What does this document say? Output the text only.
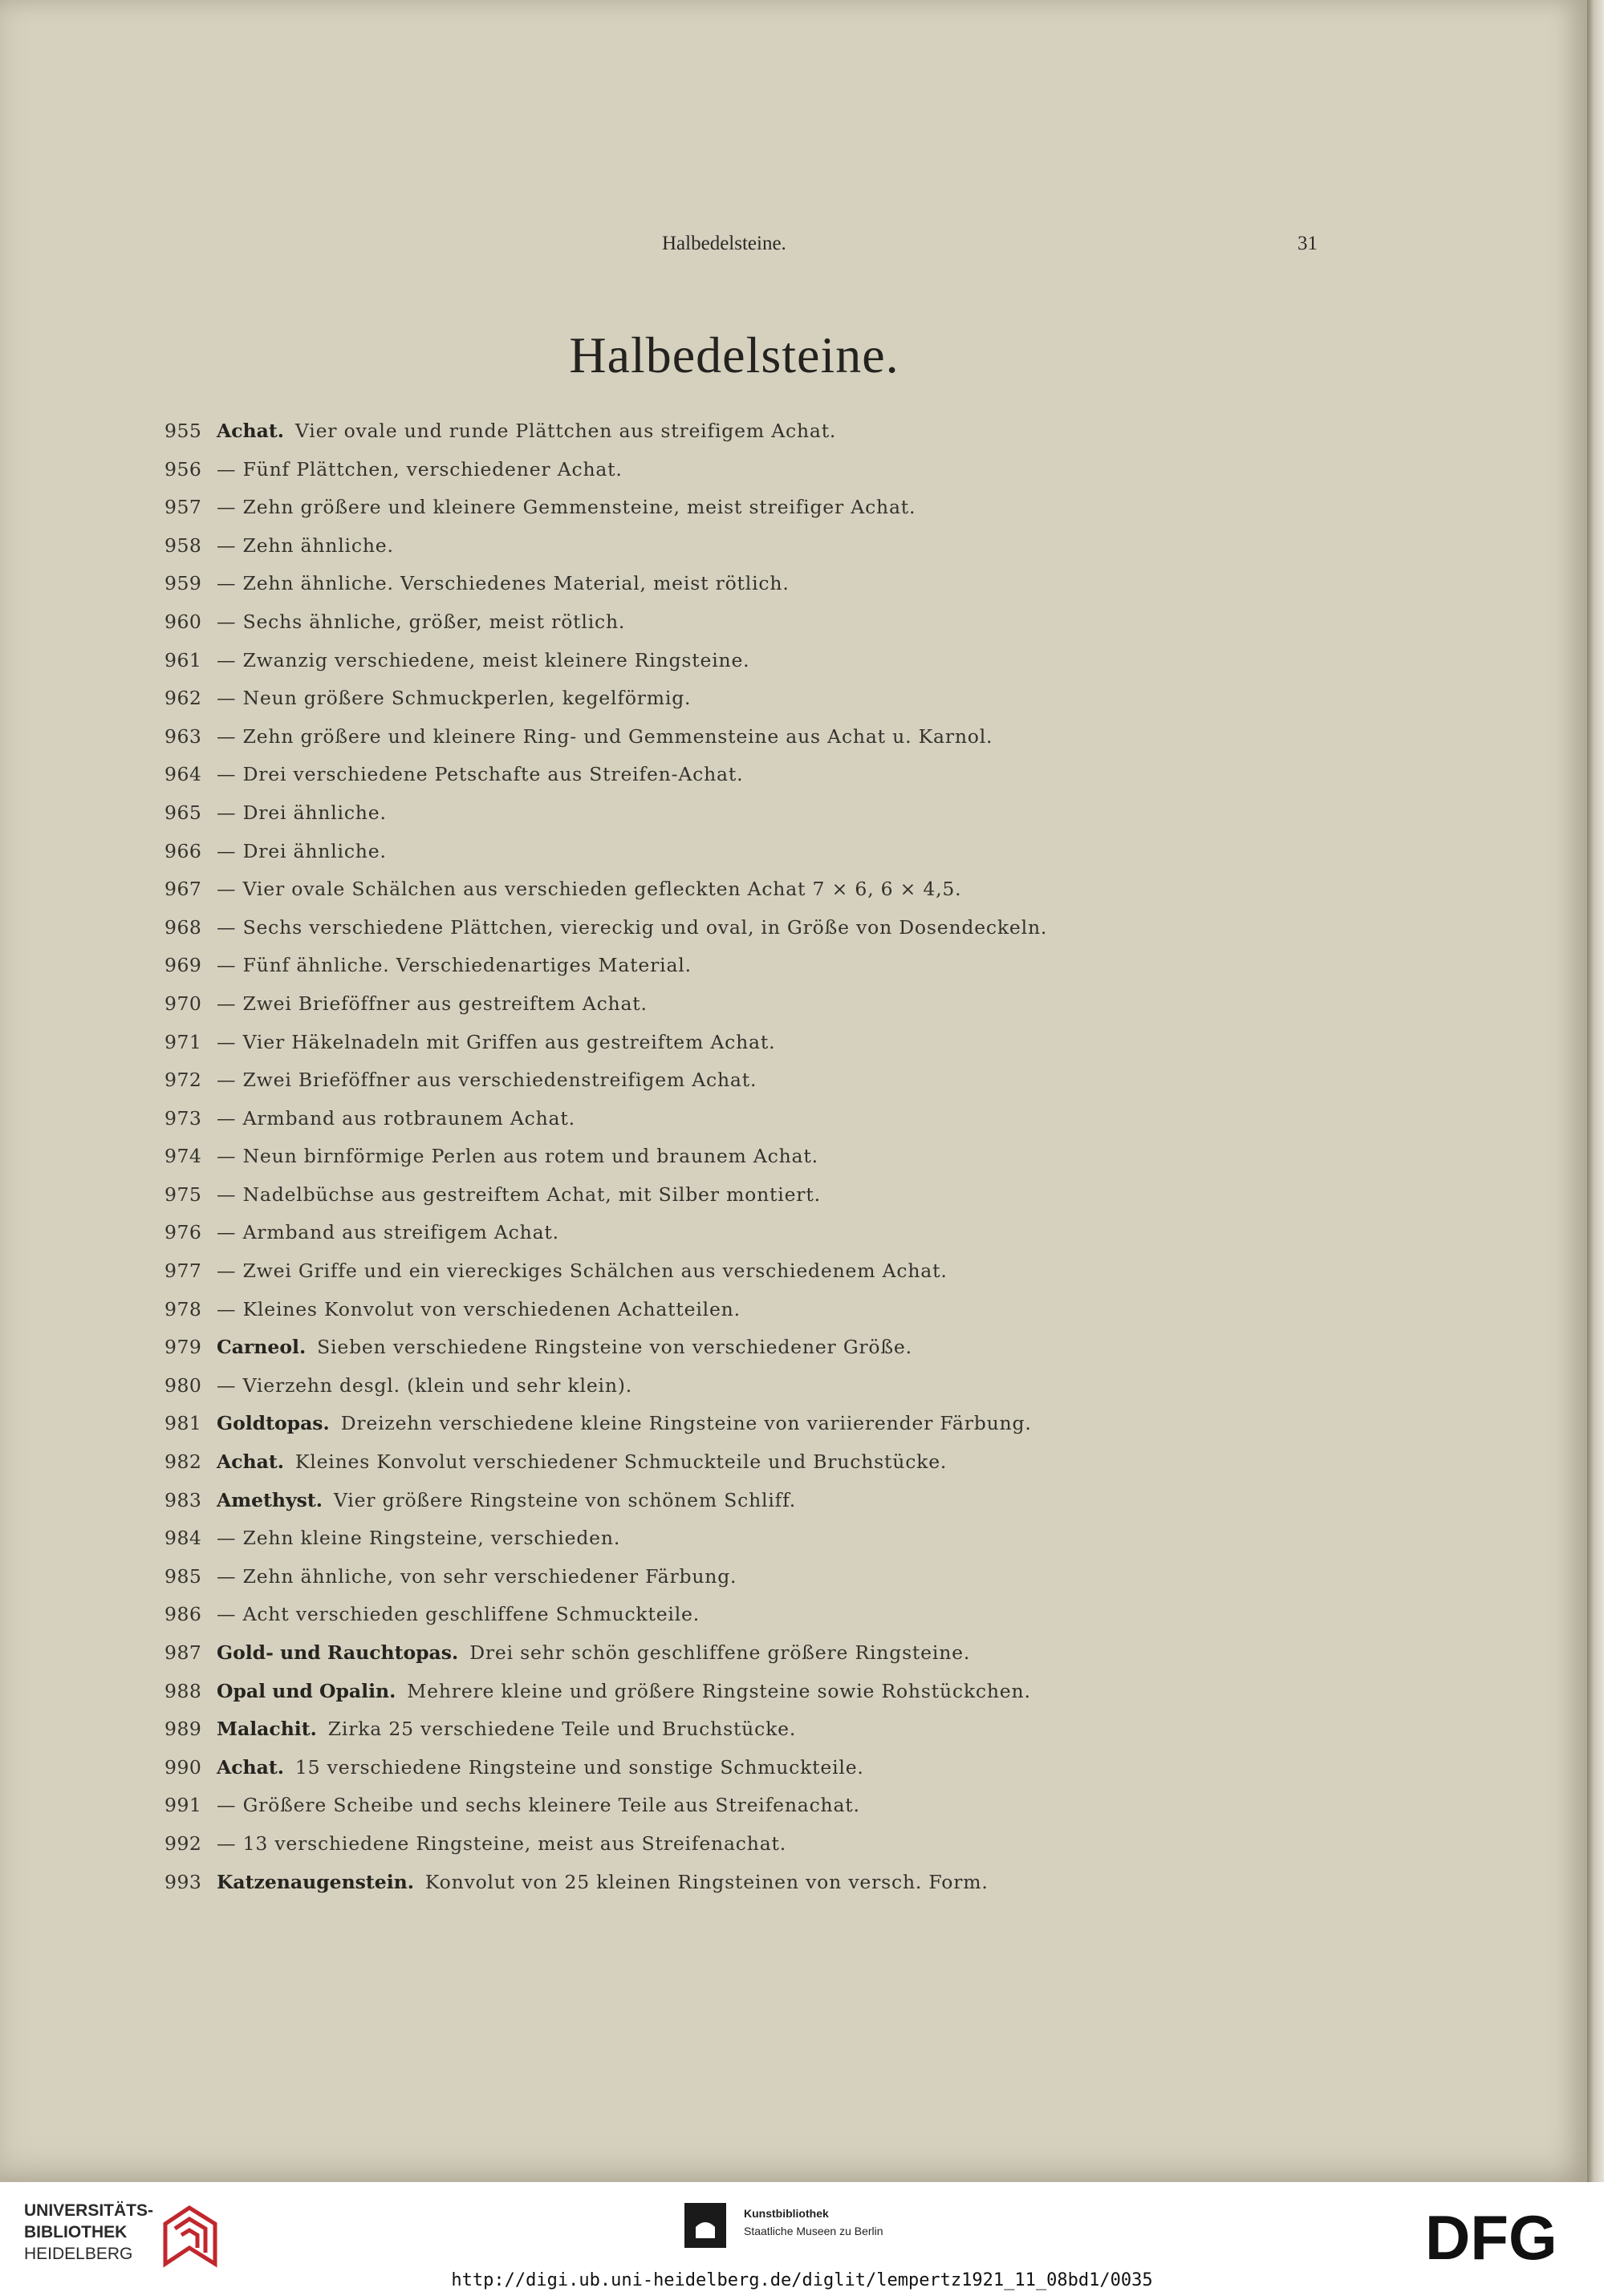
Halbedelsteine.	31
Halbedelsteine.
955 Achat. Vier ovale und runde Plättchen aus streifigem Achat.
956 — Fünf Plättchen, verschiedener Achat.
957 — Zehn größere und kleinere Gemmensteine, meist streifiger Achat.
958 — Zehn ähnliche.
959 — Zehn ähnliche. Verschiedenes Material, meist rötlich.
960 — Sechs ähnliche, größer, meist rötlich.
961 — Zwanzig verschiedene, meist kleinere Ringsteine.
962 — Neun größere Schmuckperlen, kegelförmig.
963 — Zehn größere und kleinere Ring- und Gemmensteine aus Achat u. Karnol.
964 — Drei verschiedene Petschafte aus Streifen-Achat.
965 — Drei ähnliche.
966 — Drei ähnliche.
967 — Vier ovale Schälchen aus verschieden gefleckten Achat 7 × 6, 6 × 4,5.
968 — Sechs verschiedene Plättchen, viereckig und oval, in Größe von Dosendeckeln.
969 — Fünf ähnliche. Verschiedenartiges Material.
970 — Zwei Brieföffner aus gestreiftem Achat.
971 — Vier Häkelnadeln mit Griffen aus gestreiftem Achat.
972 — Zwei Brieföffner aus verschiedenstreifigem Achat.
973 — Armband aus rotbraunem Achat.
974 — Neun birnförmige Perlen aus rotem und braunem Achat.
975 — Nadelbüchse aus gestreiftem Achat, mit Silber montiert.
976 — Armband aus streifigem Achat.
977 — Zwei Griffe und ein viereckiges Schälchen aus verschiedenem Achat.
978 — Kleines Konvolut von verschiedenen Achatteilen.
979 Carneol. Sieben verschiedene Ringsteine von verschiedener Größe.
980 — Vierzehn desgl. (klein und sehr klein).
981 Goldtopas. Dreizehn verschiedene kleine Ringsteine von variierender Färbung.
982 Achat. Kleines Konvolut verschiedener Schmuckteile und Bruchstücke.
983 Amethyst. Vier größere Ringsteine von schönem Schliff.
984 — Zehn kleine Ringsteine, verschieden.
985 — Zehn ähnliche, von sehr verschiedener Färbung.
986 — Acht verschieden geschliffene Schmuckteile.
987 Gold- und Rauchtopas. Drei sehr schön geschliffene größere Ringsteine.
988 Opal und Opalin. Mehrere kleine und größere Ringsteine sowie Rohstückchen.
989 Malachit. Zirka 25 verschiedene Teile und Bruchstücke.
990 Achat. 15 verschiedene Ringsteine und sonstige Schmuckteile.
991 — Größere Scheibe und sechs kleinere Teile aus Streifenachat.
992 — 13 verschiedene Ringsteine, meist aus Streifenachat.
993 Katzenaugenstein. Konvolut von 25 kleinen Ringsteinen von versch. Form.
UNIVERSITÄTS-
BIBLIOTHEK
HEIDELBERG
Kunstbibliothek
Staatliche Museen zu Berlin	DFG
http://digi.ub.uni-heidelberg.de/diglit/lempertz1921_11_08bd1/0035
